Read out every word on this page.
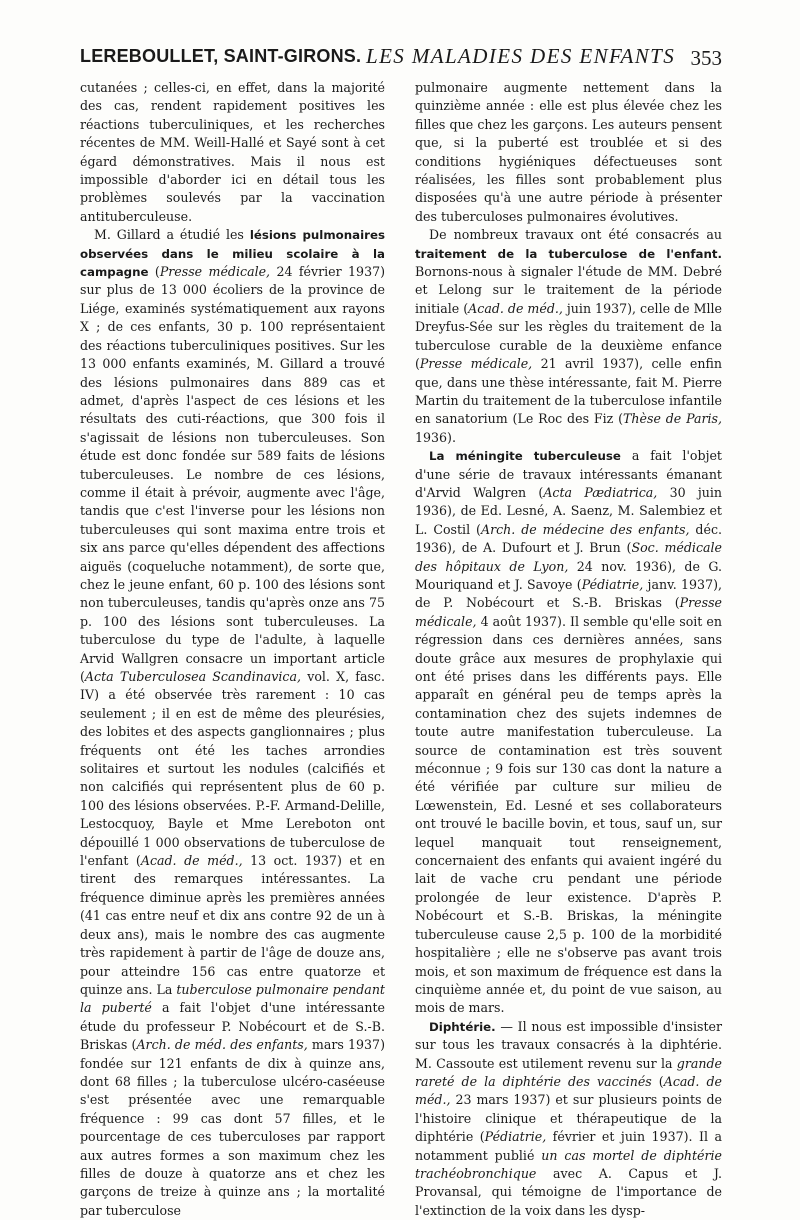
LEREBOULLET, SAINT-GIRONS. LES MALADIES DES ENFANTS 353

cutanées ; celles-ci, en effet, dans la majorité des cas, rendent rapidement positives les réactions tuberculiniques, et les recherches récentes de MM. Weill-Hallé et Sayé sont à cet égard démonstratives. Mais il nous est impossible d'aborder ici en détail tous les problèmes soulevés par la vaccination antituberculeuse.

M. Gillard a étudié les lésions pulmonaires observées dans le milieu scolaire à la campagne (Presse médicale, 24 février 1937) sur plus de 13 000 écoliers de la province de Liége, examinés systématiquement aux rayons X ; de ces enfants, 30 p. 100 représentaient des réactions tuberculiniques positives. Sur les 13 000 enfants examinés, M. Gillard a trouvé des lésions pulmonaires dans 889 cas et admet, d'après l'aspect de ces lésions et les résultats des cuti-réactions, que 300 fois il s'agissait de lésions non tuberculeuses. Son étude est donc fondée sur 589 faits de lésions tuberculeuses. Le nombre de ces lésions, comme il était à prévoir, augmente avec l'âge, tandis que c'est l'inverse pour les lésions non tuberculeuses qui sont maxima entre trois et six ans parce qu'elles dépendent des affections aiguës (coqueluche notamment), de sorte que, chez le jeune enfant, 60 p. 100 des lésions sont non tuberculeuses, tandis qu'après onze ans 75 p. 100 des lésions sont tuberculeuses. La tuberculose du type de l'adulte, à laquelle Arvid Wallgren consacre un important article (Acta Tuberculosea Scandinavica, vol. X, fasc. IV) a été observée très rarement : 10 cas seulement ; il en est de même des pleurésies, des lobites et des aspects ganglionnaires ; plus fréquents ont été les taches arrondies solitaires et surtout les nodules (calcifiés et non calcifiés qui représentent plus de 60 p. 100 des lésions observées. P.-F. Armand-Delille, Lestocquoy, Bayle et Mme Lereboton ont dépouillé 1 000 observations de tuberculose de l'enfant (Acad. de méd., 13 oct. 1937) et en tirent des remarques intéressantes. La fréquence diminue après les premières années (41 cas entre neuf et dix ans contre 92 de un à deux ans), mais le nombre des cas augmente très rapidement à partir de l'âge de douze ans, pour atteindre 156 cas entre quatorze et quinze ans. La tuberculose pulmonaire pendant la puberté a fait l'objet d'une intéressante étude du professeur P. Nobécourt et de S.-B. Briskas (Arch. de méd. des enfants, mars 1937) fondée sur 121 enfants de dix à quinze ans, dont 68 filles ; la tuberculose ulcéro-caséeuse s'est présentée avec une remarquable fréquence : 99 cas dont 57 filles, et le pourcentage de ces tuberculoses par rapport aux autres formes a son maximum chez les filles de douze à quatorze ans et chez les garçons de treize à quinze ans ; la mortalité par tuberculose

pulmonaire augmente nettement dans la quinzième année : elle est plus élevée chez les filles que chez les garçons. Les auteurs pensent que, si la puberté est troublée et si des conditions hygiéniques défectueuses sont réalisées, les filles sont probablement plus disposées qu'à une autre période à présenter des tuberculoses pulmonaires évolutives.

De nombreux travaux ont été consacrés au traitement de la tuberculose de l'enfant. Bornons-nous à signaler l'étude de MM. Debré et Lelong sur le traitement de la période initiale (Acad. de méd., juin 1937), celle de Mlle Dreyfus-Sée sur les règles du traitement de la tuberculose curable de la deuxième enfance (Presse médicale, 21 avril 1937), celle enfin que, dans une thèse intéressante, fait M. Pierre Martin du traitement de la tuberculose infantile en sanatorium (Le Roc des Fiz (Thèse de Paris, 1936).

La méningite tuberculeuse a fait l'objet d'une série de travaux intéressants émanant d'Arvid Walgren (Acta Pædiatrica, 30 juin 1936), de Ed. Lesné, A. Saenz, M. Salembiez et L. Costil (Arch. de médecine des enfants, déc. 1936), de A. Dufourt et J. Brun (Soc. médicale des hôpitaux de Lyon, 24 nov. 1936), de G. Mouriquand et J. Savoye (Pédiatrie, janv. 1937), de P. Nobécourt et S.-B. Briskas (Presse médicale, 4 août 1937). Il semble qu'elle soit en régression dans ces dernières années, sans doute grâce aux mesures de prophylaxie qui ont été prises dans les différents pays. Elle apparaît en général peu de temps après la contamination chez des sujets indemnes de toute autre manifestation tuberculeuse. La source de contamination est très souvent méconnue ; 9 fois sur 130 cas dont la nature a été vérifiée par culture sur milieu de Lœwenstein, Ed. Lesné et ses collaborateurs ont trouvé le bacille bovin, et tous, sauf un, sur lequel manquait tout renseignement, concernaient des enfants qui avaient ingéré du lait de vache cru pendant une période prolongée de leur existence. D'après P. Nobécourt et S.-B. Briskas, la méningite tuberculeuse cause 2,5 p. 100 de la morbidité hospitalière ; elle ne s'observe pas avant trois mois, et son maximum de fréquence est dans la cinquième année et, du point de vue saison, au mois de mars.

Diphtérie. — Il nous est impossible d'insister sur tous les travaux consacrés à la diphtérie. M. Cassoute est utilement revenu sur la grande rareté de la diphtérie des vaccinés (Acad. de méd., 23 mars 1937) et sur plusieurs points de l'histoire clinique et thérapeutique de la diphtérie (Pédiatrie, février et juin 1937). Il a notamment publié un cas mortel de diphtérie trachéobronchique avec A. Capus et J. Provansal, qui témoigne de l'importance de l'extinction de la voix dans les dysp-
